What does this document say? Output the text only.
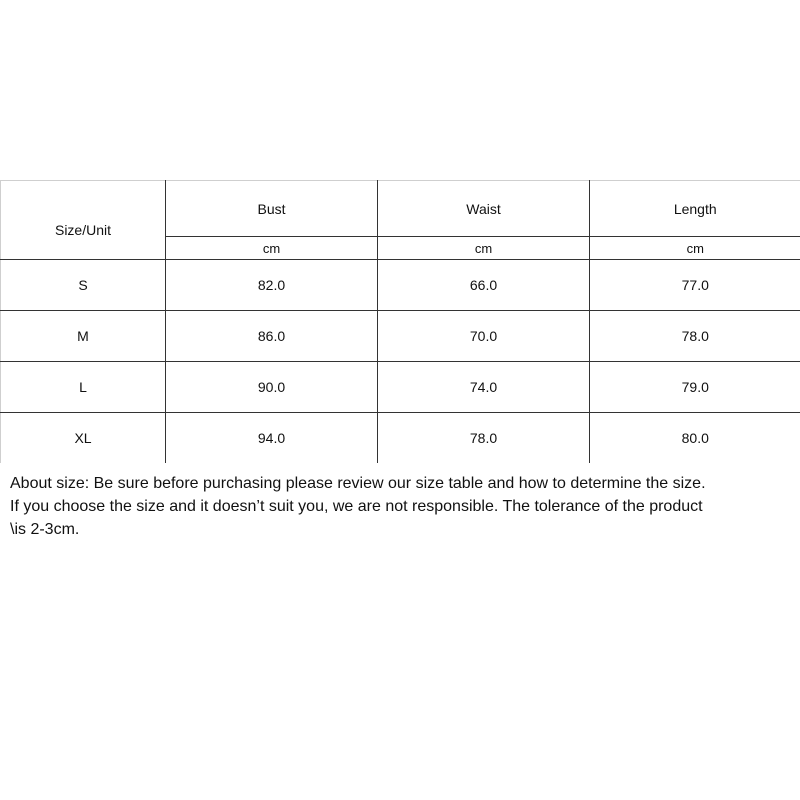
Size/Unit	Bust	Waist	Length
	cm	cm	cm
S	82.0	66.0	77.0
M	86.0	70.0	78.0
L	90.0	74.0	79.0
XL	94.0	78.0	80.0

About size: Be sure before purchasing please review our size table and how to determine the size.

If you choose the size and it doesn’t suit you, we are not responsible. The tolerance of the product

\is 2-3cm.
